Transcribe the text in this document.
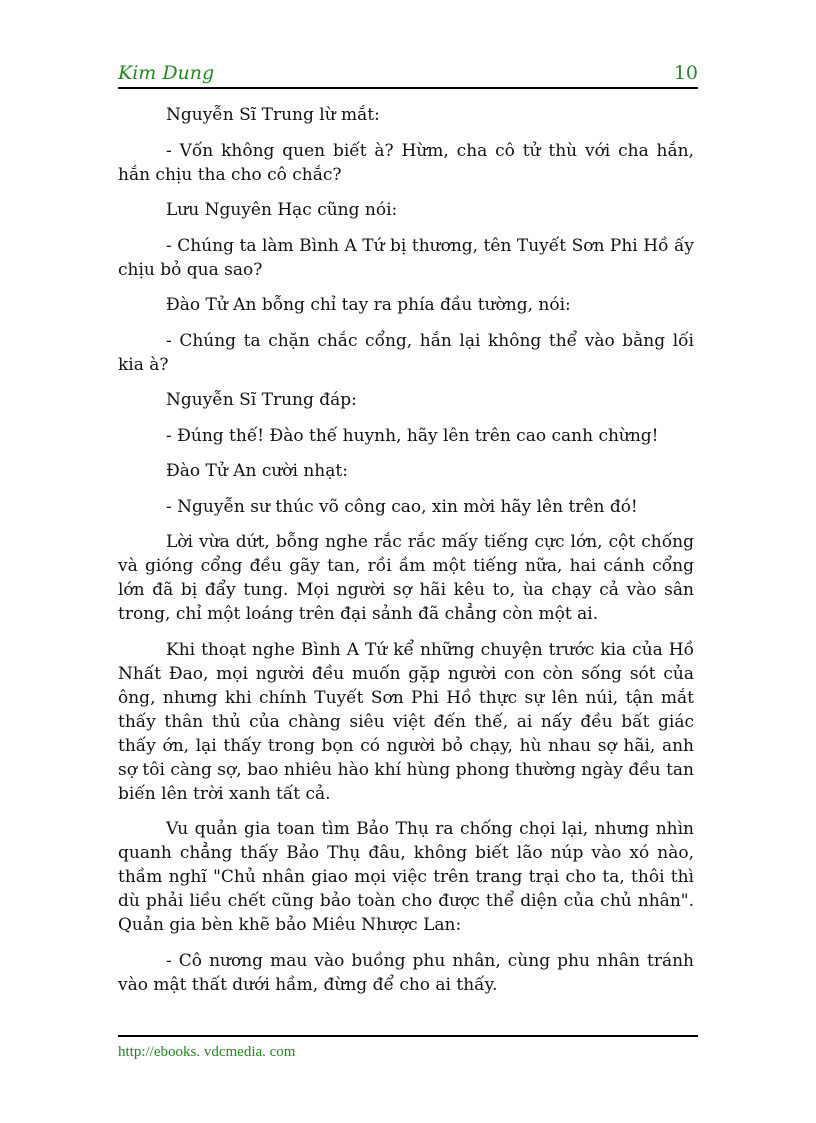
Kim Dung	10

Nguyễn Sĩ Trung lừ mắt:

- Vốn không quen biết à? Hừm, cha cô tử thù với cha hắn, hắn chịu tha cho cô chắc?

Lưu Nguyên Hạc cũng nói:

- Chúng ta làm Bình A Tứ bị thương, tên Tuyết Sơn Phi Hồ ấy chịu bỏ qua sao?

Đào Tử An bỗng chỉ tay ra phía đầu tường, nói:

- Chúng ta chặn chắc cổng, hắn lại không thể vào bằng lối kia à?

Nguyễn Sĩ Trung đáp:

- Đúng thế! Đào thế huynh, hãy lên trên cao canh chừng!

Đào Tử An cười nhạt:

- Nguyễn sư thúc võ công cao, xin mời hãy lên trên đó!

Lời vừa dứt, bỗng nghe rắc rắc mấy tiếng cực lớn, cột chống và gióng cổng đều gãy tan, rồi ầm một tiếng nữa, hai cánh cổng lớn đã bị đẩy tung. Mọi người sợ hãi kêu to, ùa chạy cả vào sân trong, chỉ một loáng trên đại sảnh đã chẳng còn một ai.

Khi thoạt nghe Bình A Tứ kể những chuyện trước kia của Hồ Nhất Đao, mọi người đều muốn gặp người con còn sống sót của ông, nhưng khi chính Tuyết Sơn Phi Hồ thực sự lên núi, tận mắt thấy thân thủ của chàng siêu việt đến thế, ai nấy đều bất giác thấy ớn, lại thấy trong bọn có người bỏ chạy, hù nhau sợ hãi, anh sợ tôi càng sợ, bao nhiêu hào khí hùng phong thường ngày đều tan biến lên trời xanh tất cả.

Vu quản gia toan tìm Bảo Thụ ra chống chọi lại, nhưng nhìn quanh chẳng thấy Bảo Thụ đâu, không biết lão núp vào xó nào, thầm nghĩ "Chủ nhân giao mọi việc trên trang trại cho ta, thôi thì dù phải liều chết cũng bảo toàn cho được thể diện của chủ nhân". Quản gia bèn khẽ bảo Miêu Nhược Lan:

- Cô nương mau vào buồng phu nhân, cùng phu nhân tránh vào mật thất dưới hầm, đừng để cho ai thấy.

http://ebooks. vdcmedia. com
